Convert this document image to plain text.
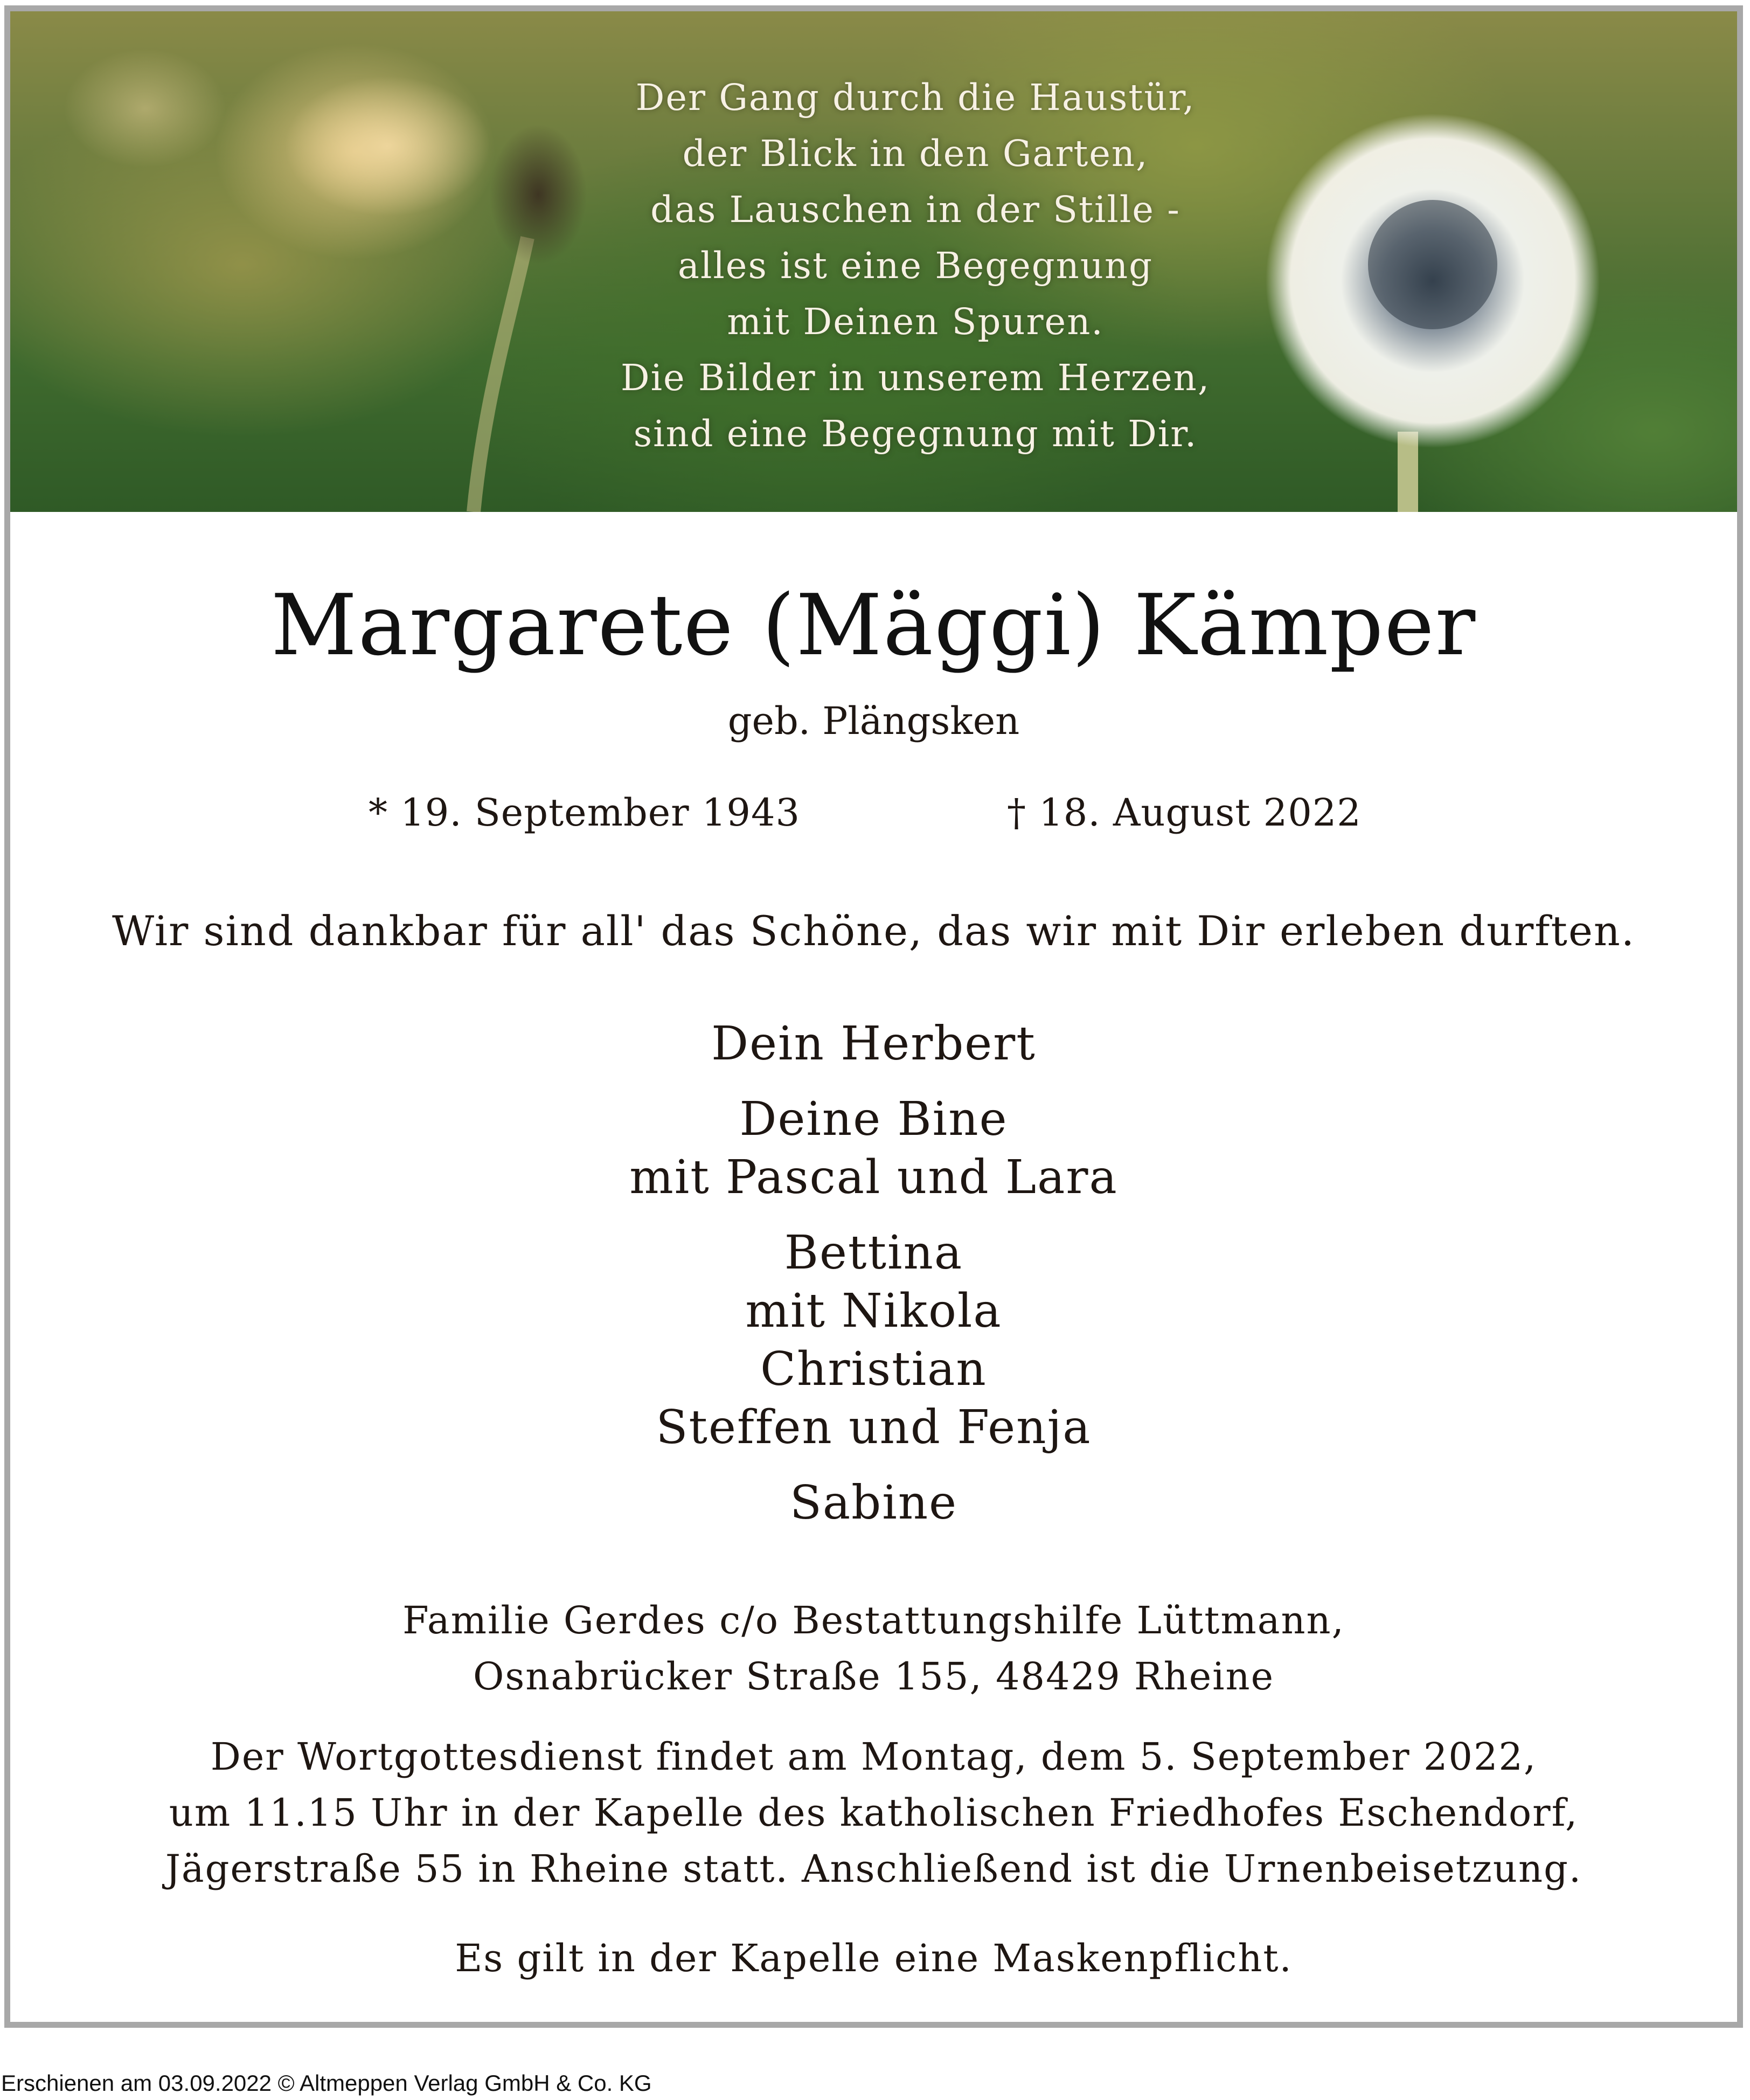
Der Gang durch die Haustür,
der Blick in den Garten,
das Lauschen in der Stille -
alles ist eine Begegnung
mit Deinen Spuren.
Die Bilder in unserem Herzen,
sind eine Begegnung mit Dir.
Margarete (Mäggi) Kämper
geb. Plängsken
* 19. September 1943	† 18. August 2022
Wir sind dankbar für all' das Schöne, das wir mit Dir erleben durften.
Dein Herbert
Deine Bine
mit Pascal und Lara
Bettina
mit Nikola
Christian
Steffen und Fenja
Sabine
Familie Gerdes c/o Bestattungshilfe Lüttmann,
Osnabrücker Straße 155, 48429 Rheine
Der Wortgottesdienst findet am Montag, dem 5. September 2022,
um 11.15 Uhr in der Kapelle des katholischen Friedhofes Eschendorf,
Jägerstraße 55 in Rheine statt. Anschließend ist die Urnenbeisetzung.
Es gilt in der Kapelle eine Maskenpflicht.
Erschienen am 03.09.2022 © Altmeppen Verlag GmbH & Co. KG
